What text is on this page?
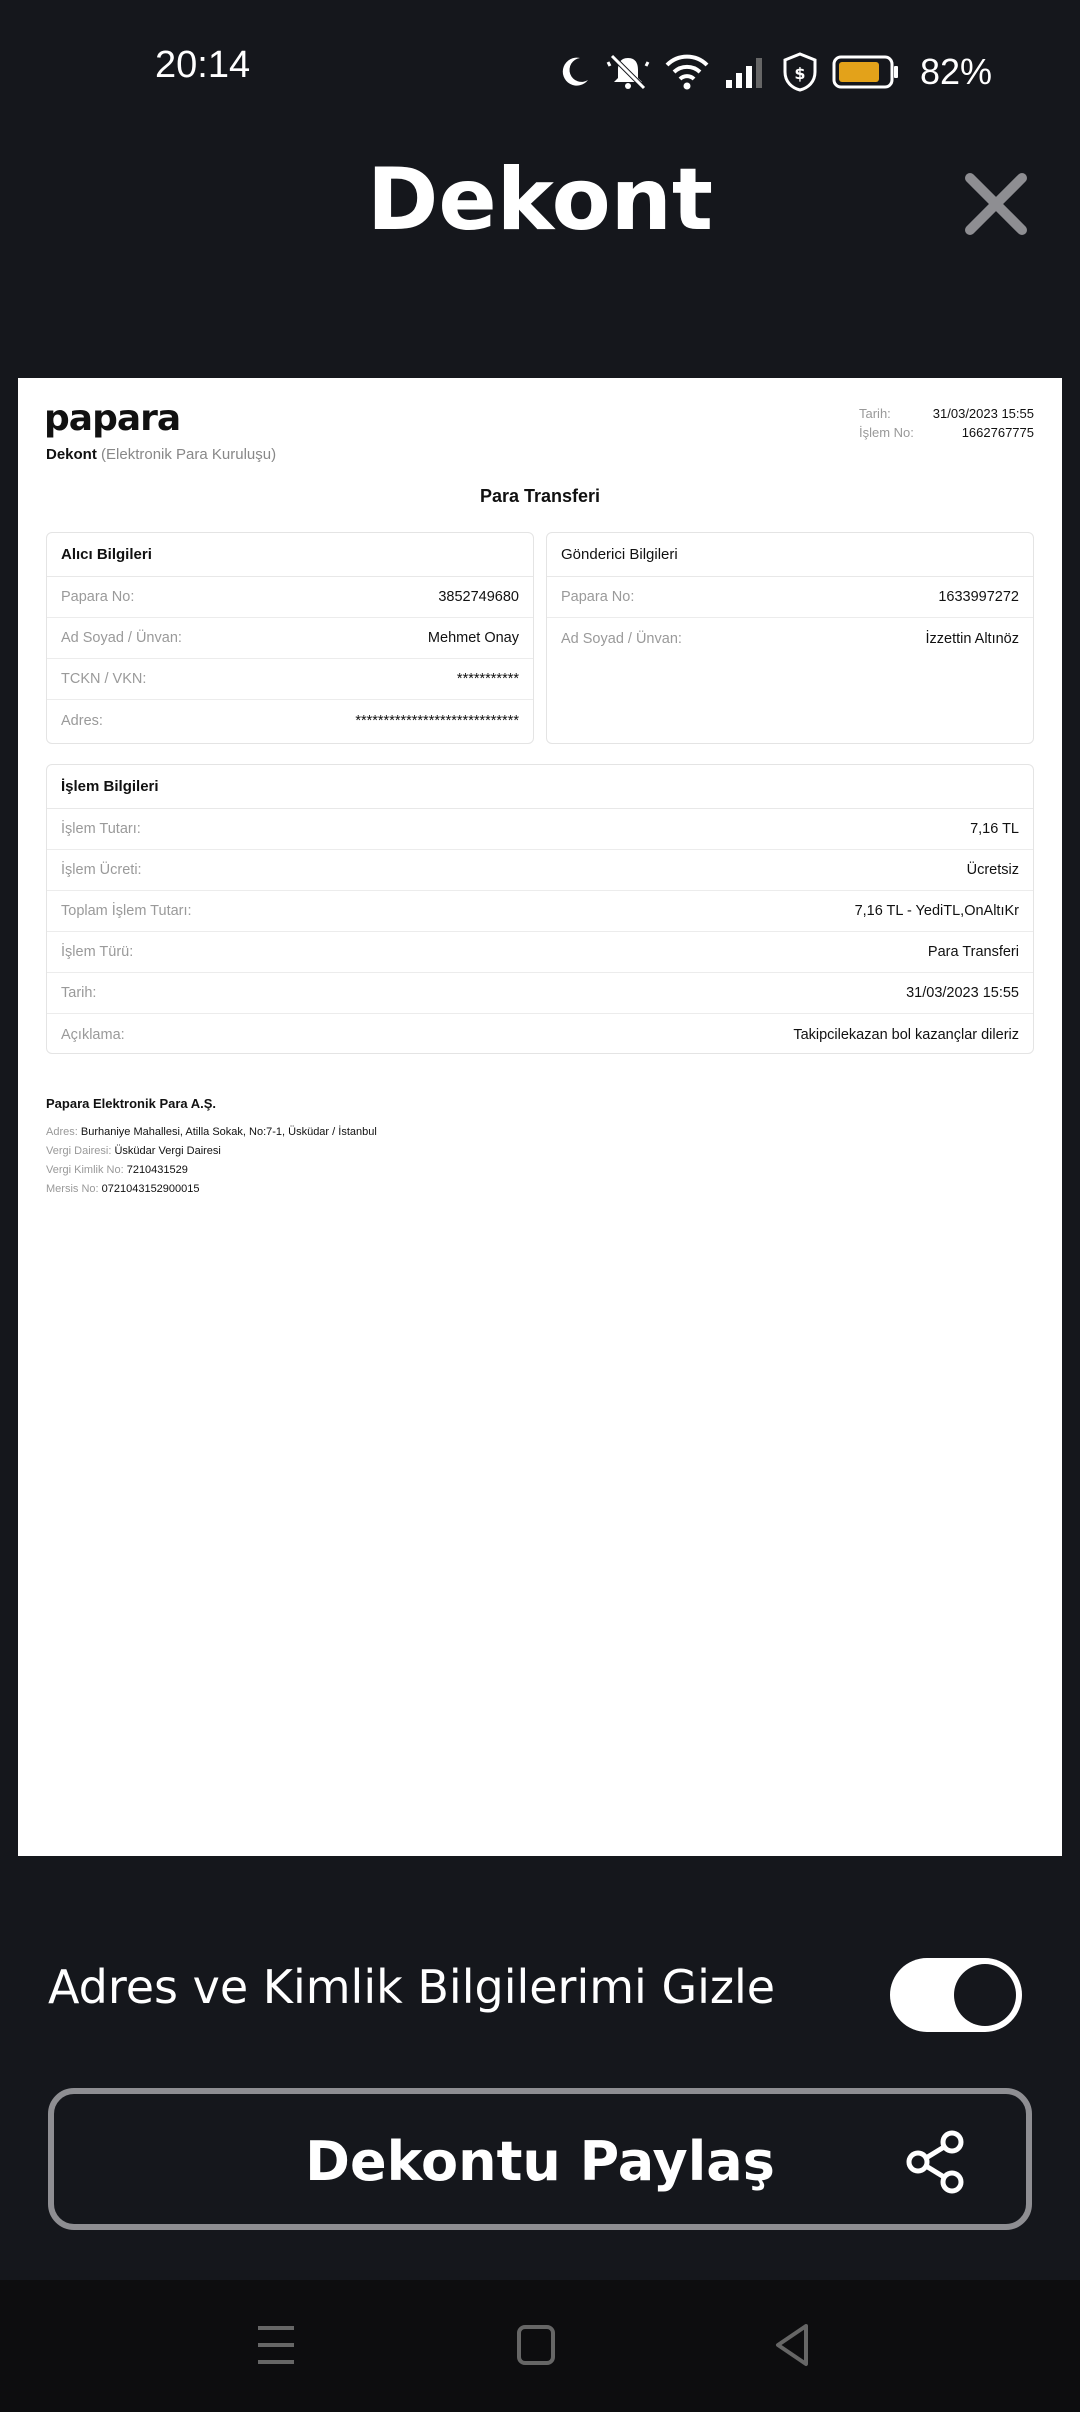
20:14	$	82%
Dekont
papara
Dekont (Elektronik Para Kuruluşu)
Tarih:	31/03/2023 15:55
İşlem No:	1662767775
Para Transferi
Alıcı Bilgileri
Papara No:	3852749680
Ad Soyad / Ünvan:	Mehmet Onay
TCKN / VKN:	***********
Adres:	*****************************
Gönderici Bilgileri
Papara No:	1633997272
Ad Soyad / Ünvan:	İzzettin Altınöz
İşlem Bilgileri
İşlem Tutarı:	7,16 TL
İşlem Ücreti:	Ücretsiz
Toplam İşlem Tutarı:	7,16 TL - YediTL,OnAltıKr
İşlem Türü:	Para Transferi
Tarih:	31/03/2023 15:55
Açıklama:	Takipcilekazan bol kazançlar dileriz
Papara Elektronik Para A.Ş.
Adres: Burhaniye Mahallesi, Atilla Sokak, No:7-1, Üsküdar / İstanbul
Vergi Dairesi: Üsküdar Vergi Dairesi
Vergi Kimlik No: 7210431529
Mersis No: 0721043152900015
Adres ve Kimlik Bilgilerimi Gizle
Dekontu Paylaş
